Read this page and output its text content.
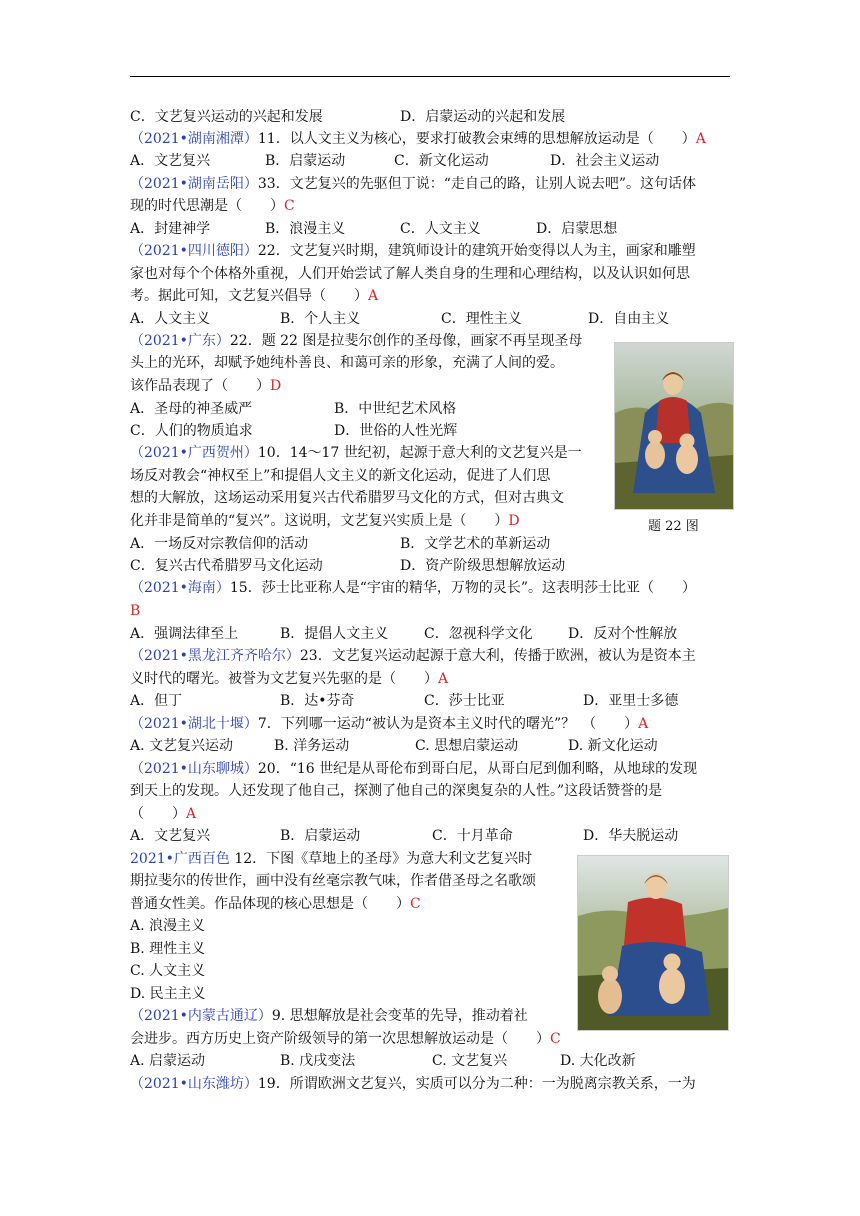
C．文艺复兴运动的兴起和发展	D．启蒙运动的兴起和发展
（2021•湖南湘潭）11．以人文主义为核心，要求打破教会束缚的思想解放运动是（　　）A
A．文艺复兴	B．启蒙运动	C．新文化运动	D．社会主义运动
（2021•湖南岳阳）33．文艺复兴的先驱但丁说：“走自己的路，让别人说去吧”。这句话体
现的时代思潮是（　　）C
A．封建神学	B．浪漫主义	C．人文主义	D．启蒙思想
（2021•四川德阳）22．文艺复兴时期，建筑师设计的建筑开始变得以人为主，画家和雕塑
家也对每个个体格外重视，人们开始尝试了解人类自身的生理和心理结构，以及认识如何思
考。据此可知，文艺复兴倡导（　　）A
A．人文主义	B．个人主义	C．理性主义	D．自由主义
（2021•广东）22．题 22 图是拉斐尔创作的圣母像，画家不再呈现圣母
头上的光环，却赋予她纯朴善良、和蔼可亲的形象，充满了人间的爱。
该作品表现了（　　）D
A．圣母的神圣威严	B．中世纪艺术风格
C．人们的物质追求	D．世俗的人性光辉
（2021•广西贺州）10．14～17 世纪初，起源于意大利的文艺复兴是一
场反对教会“神权至上”和提倡人文主义的新文化运动，促进了人们思
想的大解放，这场运动采用复兴古代希腊罗马文化的方式，但对古典文
化并非是简单的“复兴”。这说明，文艺复兴实质上是（　　）D
A．一场反对宗教信仰的活动	B．文学艺术的革新运动
C．复兴古代希腊罗马文化运动	D．资产阶级思想解放运动
（2021•海南）15．莎士比亚称人是“宇宙的精华，万物的灵长”。这表明莎士比亚（　　）
B
A．强调法律至上	B．提倡人文主义	C．忽视科学文化	D．反对个性解放
（2021•黑龙江齐齐哈尔）23．文艺复兴运动起源于意大利，传播于欧洲，被认为是资本主
义时代的曙光。被誉为文艺复兴先驱的是（　　）A
A．但丁	B．达•芬奇	C．莎士比亚	D．亚里士多德
（2021•湖北十堰）7．下列哪一运动“被认为是资本主义时代的曙光”？　（　　）A
A. 文艺复兴运动	B. 洋务运动	C. 思想启蒙运动	D. 新文化运动
（2021•山东聊城）20．“16 世纪是从哥伦布到哥白尼，从哥白尼到伽利略，从地球的发现
到天上的发现。人还发现了他自己，探测了他自己的深奥复杂的人性。”这段话赞誉的是
（　　）A
A．文艺复兴	B．启蒙运动	C．十月革命	D．华夫脱运动
2021•广西百色 12．下图《草地上的圣母》为意大利文艺复兴时
期拉斐尔的传世作，画中没有丝毫宗教气味，作者借圣母之名歌颂
普通女性美。作品体现的核心思想是（　　）C
A. 浪漫主义
B. 理性主义
C. 人文主义
D. 民主主义
（2021•内蒙古通辽）9. 思想解放是社会变革的先导，推动着社
会进步。西方历史上资产阶级领导的第一次思想解放运动是（　　）C
A. 启蒙运动	B. 戊戌变法	C. 文艺复兴	D. 大化改新
（2021•山东潍坊）19．所谓欧洲文艺复兴，实质可以分为二种：一为脱离宗教关系，一为
题 22 图
